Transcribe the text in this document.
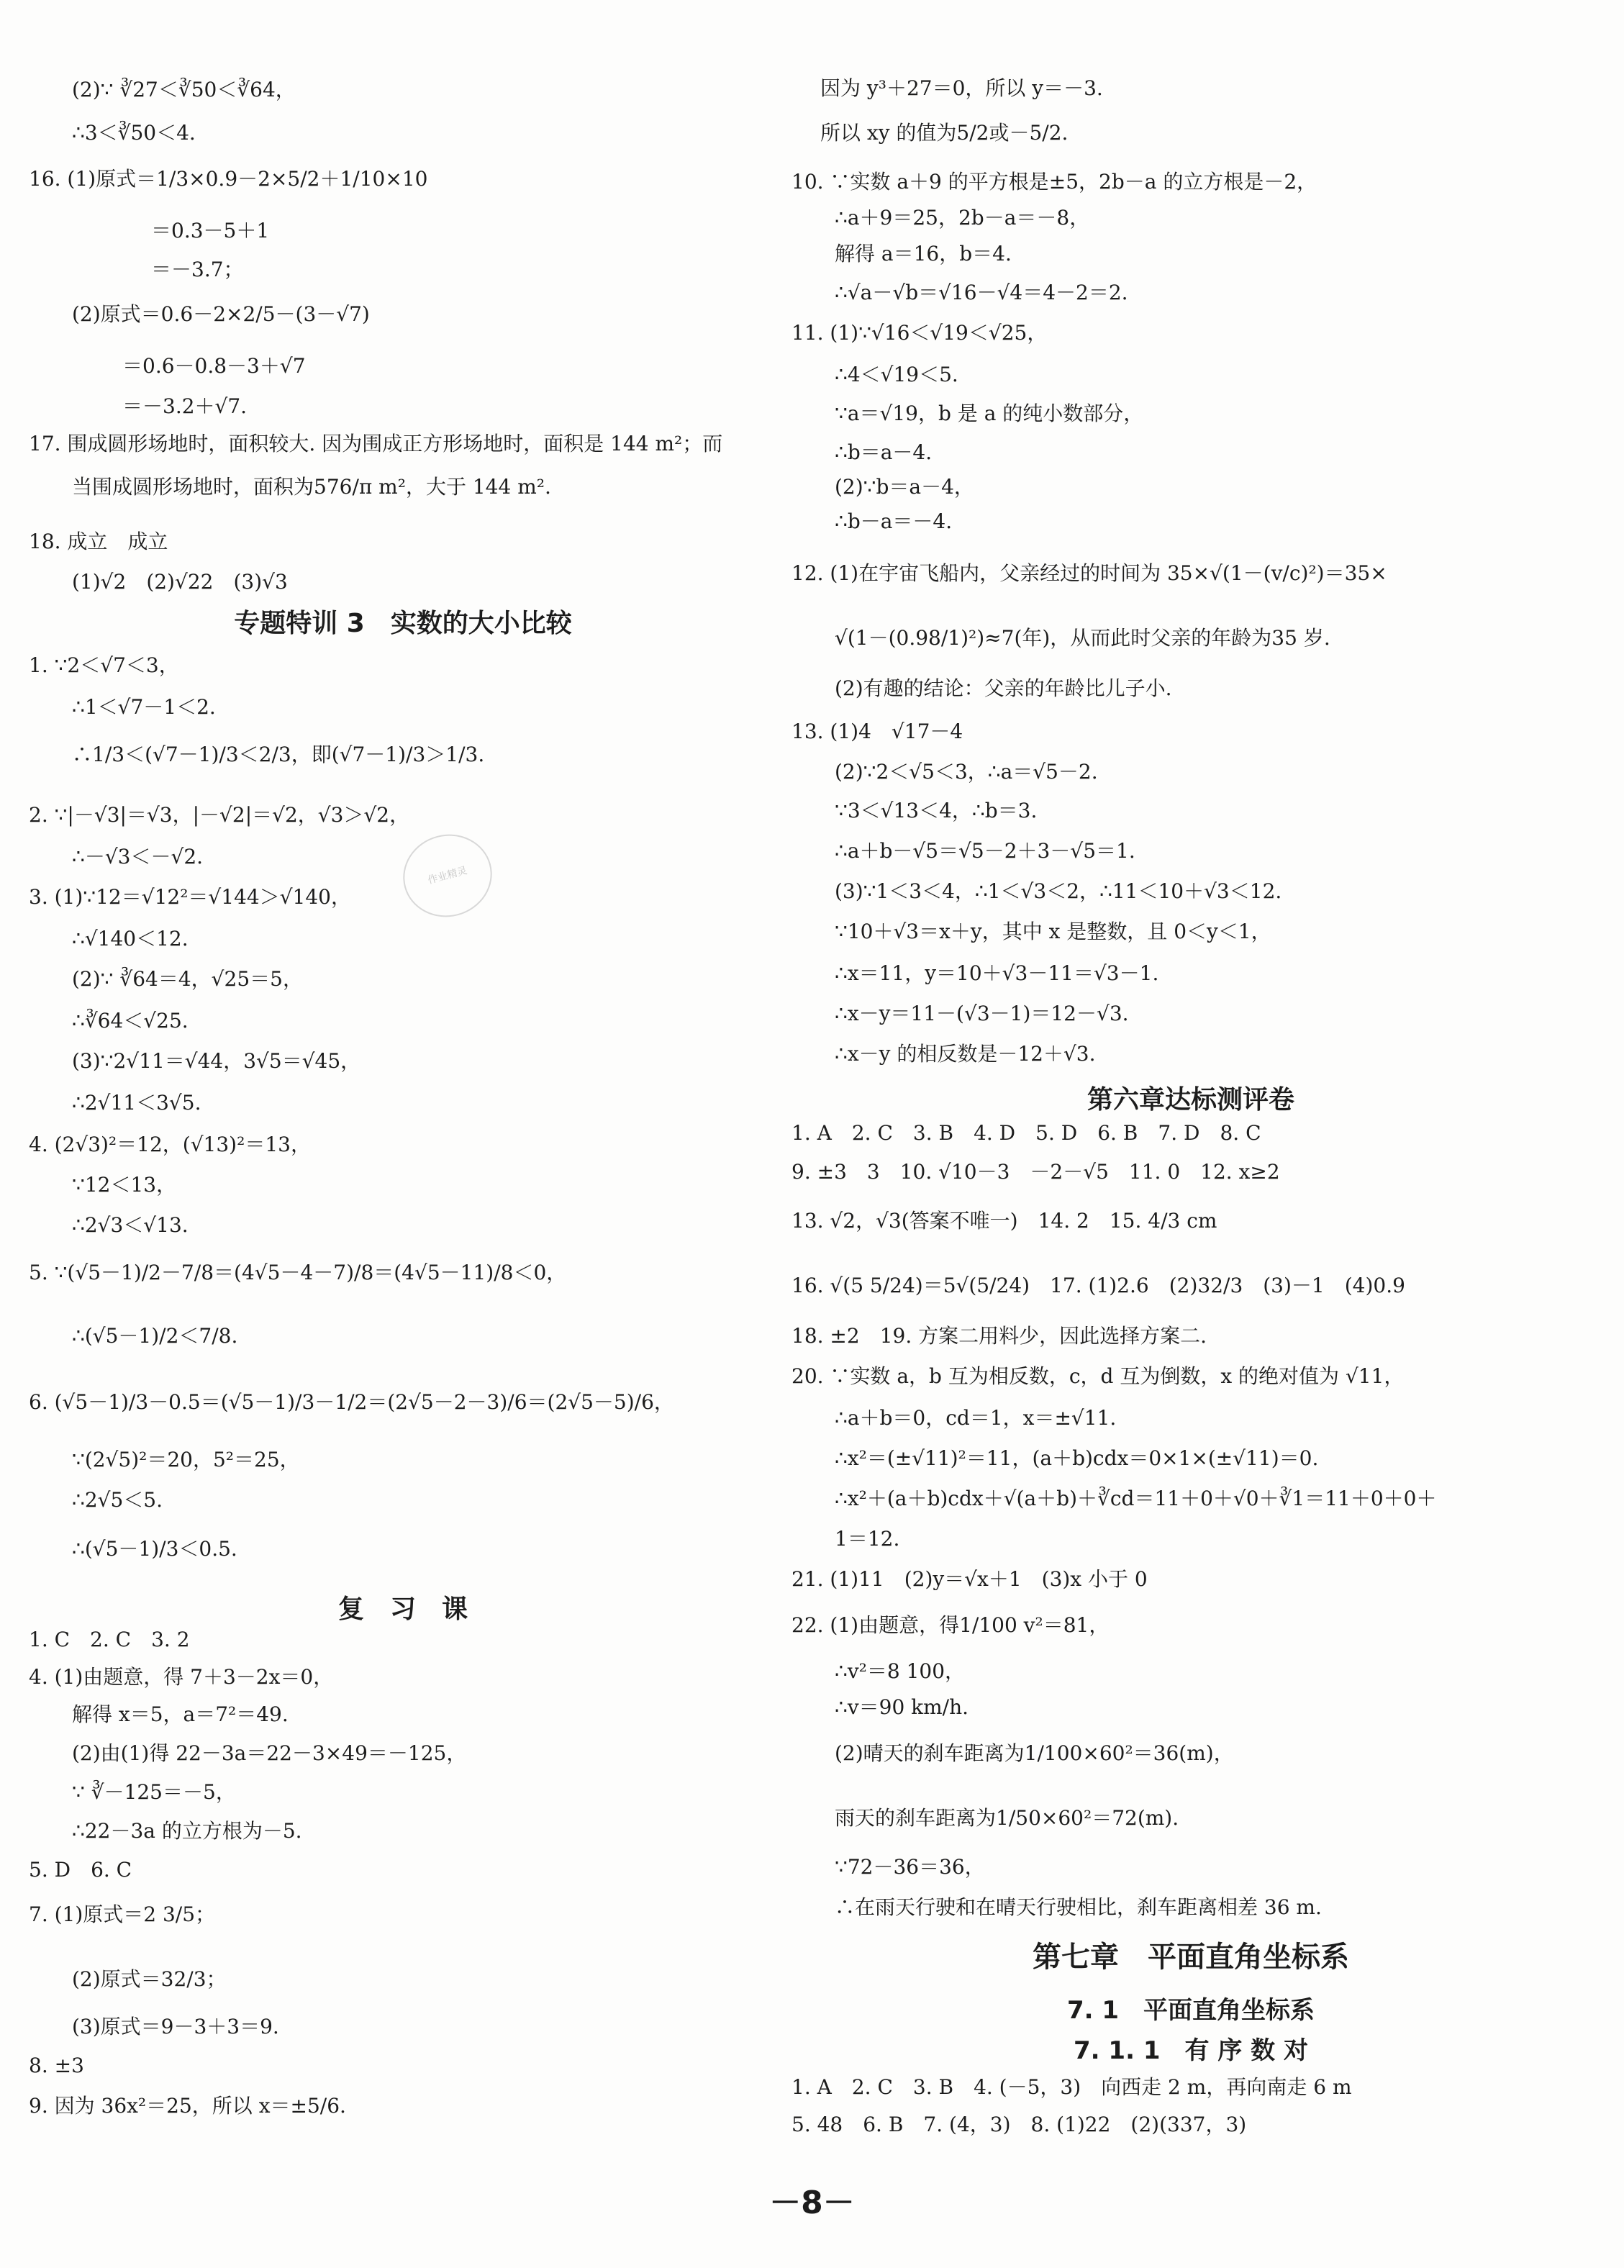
(2)∵ ∛27＜∛50＜∛64，
∴3＜∛50＜4.
16. (1)原式＝1/3×0.9－2×5/2＋1/10×10
＝0.3－5＋1
＝－3.7；
(2)原式＝0.6－2×2/5－(3－√7)
＝0.6－0.8－3＋√7
＝－3.2＋√7.
17. 围成圆形场地时，面积较大. 因为围成正方形场地时，面积是 144 m²；而
当围成圆形场地时，面积为576/π m²，大于 144 m².
18. 成立　成立
(1)√2　(2)√22　(3)√3
1. ∵2＜√7＜3，
∴1＜√7－1＜2.
∴1/3＜(√7－1)/3＜2/3，即(√7－1)/3＞1/3.
2. ∵|－√3|＝√3，|－√2|＝√2，√3＞√2，
∴－√3＜－√2.
3. (1)∵12＝√12²＝√144＞√140，
∴√140＜12.
(2)∵ ∛64＝4，√25＝5，
∴∛64＜√25.
(3)∵2√11＝√44，3√5＝√45，
∴2√11＜3√5.
4. (2√3)²＝12，(√13)²＝13，
∵12＜13，
∴2√3＜√13.
5. ∵(√5－1)/2－7/8＝(4√5－4－7)/8＝(4√5－11)/8＜0，
∴(√5－1)/2＜7/8.
6. (√5－1)/3－0.5＝(√5－1)/3－1/2＝(2√5－2－3)/6＝(2√5－5)/6，
∵(2√5)²＝20，5²＝25，
∴2√5＜5.
∴(√5－1)/3＜0.5.
1. C　2. C　3. 2
4. (1)由题意，得 7＋3－2x＝0，
解得 x＝5，a＝7²＝49.
(2)由(1)得 22－3a＝22－3×49＝－125，
∵ ∛－125＝－5，
∴22－3a 的立方根为－5.
5. D　6. C
7. (1)原式＝2 3/5；
(2)原式＝32/3；
(3)原式＝9－3＋3＝9.
8. ±3
9. 因为 36x²＝25，所以 x＝±5/6.
专题特训 3　实数的大小比较
复　习　课
因为 y³＋27＝0，所以 y＝－3.
所以 xy 的值为5/2或－5/2.
10. ∵实数 a＋9 的平方根是±5，2b－a 的立方根是－2，
∴a＋9＝25，2b－a＝－8，
解得 a＝16，b＝4.
∴√a－√b＝√16－√4＝4－2＝2.
11. (1)∵√16＜√19＜√25，
∴4＜√19＜5.
∵a＝√19，b 是 a 的纯小数部分，
∴b＝a－4.
(2)∵b＝a－4，
∴b－a＝－4.
12. (1)在宇宙飞船内，父亲经过的时间为 35×√(1－(v/c)²)＝35×
√(1－(0.98/1)²)≈7(年)，从而此时父亲的年龄为35 岁.
(2)有趣的结论：父亲的年龄比儿子小.
13. (1)4　√17－4
(2)∵2＜√5＜3，∴a＝√5－2.
∵3＜√13＜4，∴b＝3.
∴a＋b－√5＝√5－2＋3－√5＝1.
(3)∵1＜3＜4，∴1＜√3＜2，∴11＜10＋√3＜12.
∵10＋√3＝x＋y，其中 x 是整数，且 0＜y＜1，
∴x＝11，y＝10＋√3－11＝√3－1.
∴x－y＝11－(√3－1)＝12－√3.
∴x－y 的相反数是－12＋√3.
1. A　2. C　3. B　4. D　5. D　6. B　7. D　8. C
9. ±3　3　10. √10－3　－2－√5　11. 0　12. x≥2
13. √2，√3(答案不唯一)　14. 2　15. 4/3 cm
16. √(5 5/24)＝5√(5/24)　17. (1)2.6　(2)32/3　(3)－1　(4)0.9
18. ±2　19. 方案二用料少，因此选择方案二.
20. ∵实数 a，b 互为相反数，c，d 互为倒数，x 的绝对值为 √11，
∴a＋b＝0，cd＝1，x＝±√11.
∴x²＝(±√11)²＝11，(a＋b)cdx＝0×1×(±√11)＝0.
∴x²＋(a＋b)cdx＋√(a＋b)＋∛cd＝11＋0＋√0＋∛1＝11＋0＋0＋
1＝12.
21. (1)11　(2)y＝√x＋1　(3)x 小于 0
22. (1)由题意，得1/100 v²＝81，
∴v²＝8 100，
∴v＝90 km/h.
(2)晴天的刹车距离为1/100×60²＝36(m)，
雨天的刹车距离为1/50×60²＝72(m).
∵72－36＝36，
∴在雨天行驶和在晴天行驶相比，刹车距离相差 36 m.
1. A　2. C　3. B　4. (－5，3)　向西走 2 m，再向南走 6 m
5. 48　6. B　7. (4，3)　8. (1)22　(2)(337，3)
第六章达标测评卷
第七章　平面直角坐标系
7. 1　平面直角坐标系
7. 1. 1　有 序 数 对
作业精灵
－8－
